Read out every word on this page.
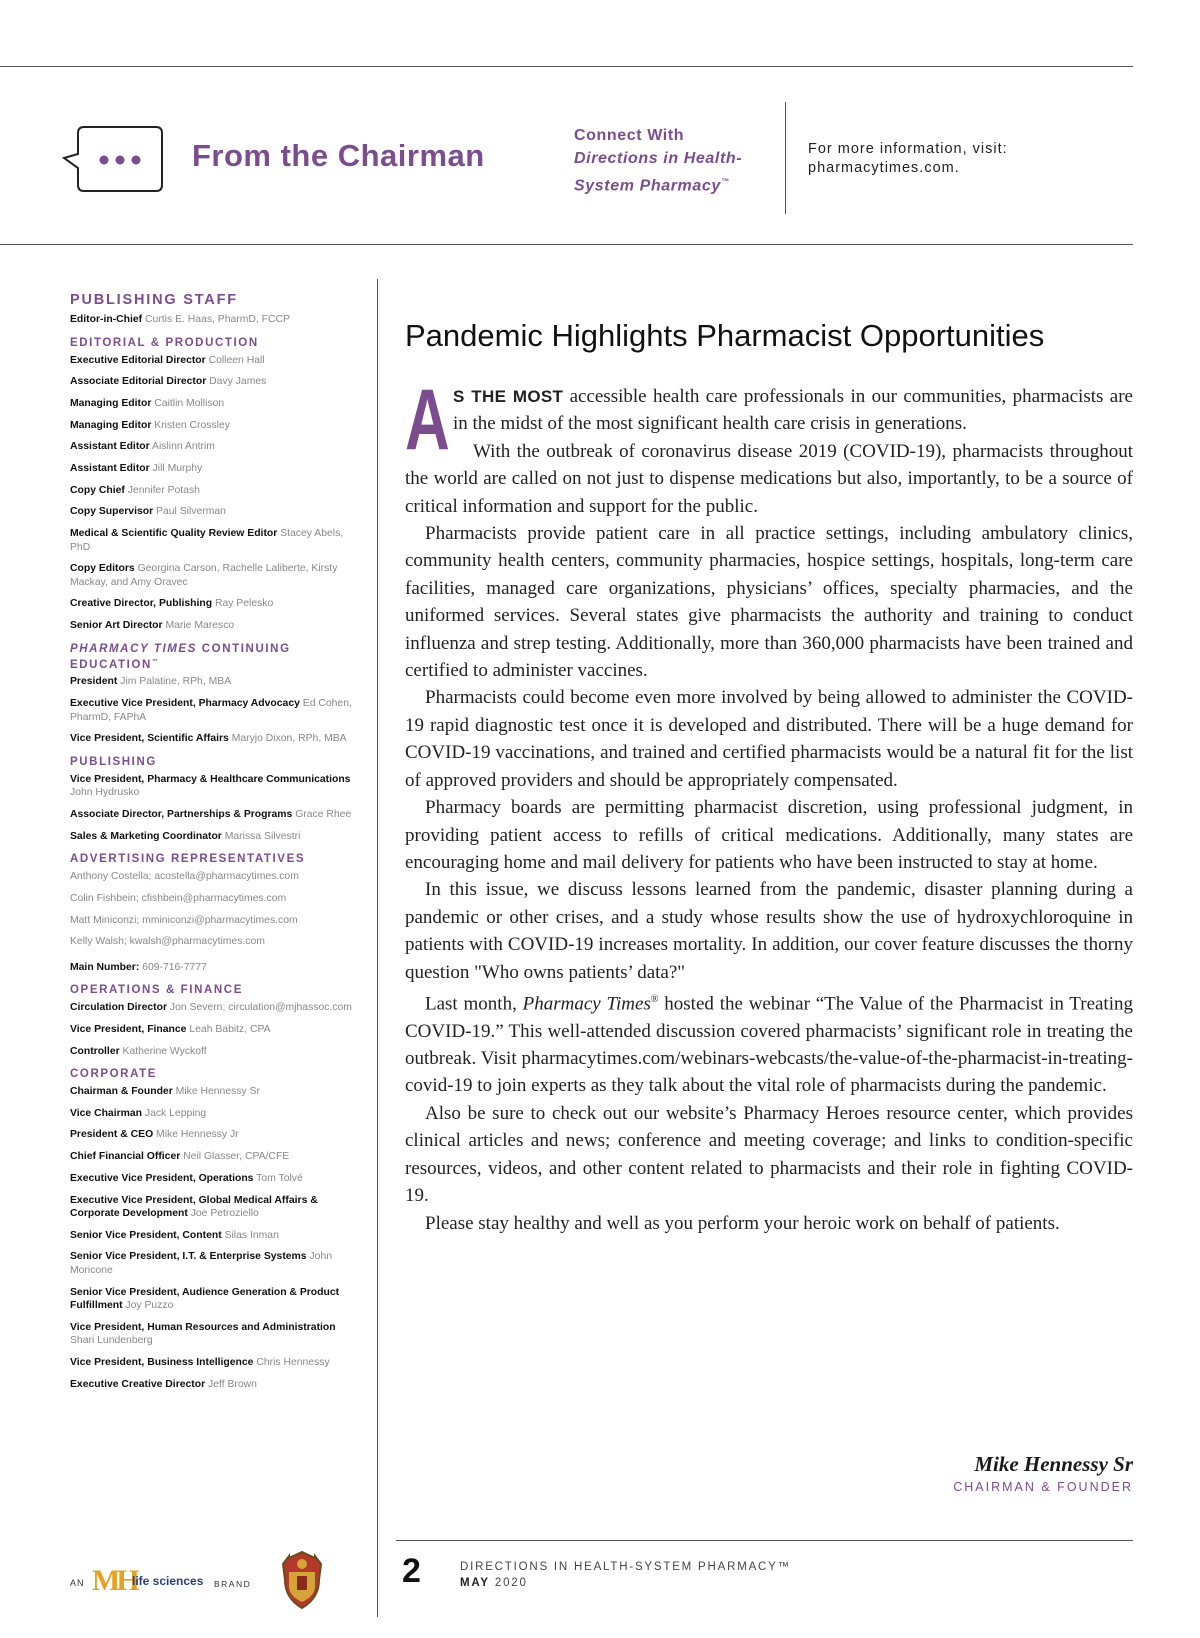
From the Chairman
Connect With
Directions in Health-
System Pharmacy™
For more information, visit:
pharmacytimes.com.
PUBLISHING STAFF
Editor-in-Chief Curtis E. Haas, PharmD, FCCP
EDITORIAL & PRODUCTION
Executive Editorial Director Colleen Hall
Associate Editorial Director Davy James
Managing Editor Caitlin Mollison
Managing Editor Kristen Crossley
Assistant Editor Aislinn Antrim
Assistant Editor Jill Murphy
Copy Chief Jennifer Potash
Copy Supervisor Paul Silverman
Medical & Scientific Quality Review Editor Stacey Abels, PhD
Copy Editors Georgina Carson, Rachelle Laliberte, Kirsty Mackay, and Amy Oravec
Creative Director, Publishing Ray Pelesko
Senior Art Director Marie Maresco
PHARMACY TIMES CONTINUING EDUCATION™
President Jim Palatine, RPh, MBA
Executive Vice President, Pharmacy Advocacy Ed Cohen, PharmD, FAPhA
Vice President, Scientific Affairs Maryjo Dixon, RPh, MBA
PUBLISHING
Vice President, Pharmacy & Healthcare Communications John Hydrusko
Associate Director, Partnerships & Programs Grace Rhee
Sales & Marketing Coordinator Marissa Silvestri
ADVERTISING REPRESENTATIVES
Anthony Costella; acostella@pharmacytimes.com
Colin Fishbein; cfishbein@pharmacytimes.com
Matt Miniconzi; mminiconzi@pharmacytimes.com
Kelly Walsh; kwalsh@pharmacytimes.com
Main Number: 609-716-7777
OPERATIONS & FINANCE
Circulation Director Jon Severn; circulation@mjhassoc.com
Vice President, Finance Leah Babitz, CPA
Controller Katherine Wyckoff
CORPORATE
Chairman & Founder Mike Hennessy Sr
Vice Chairman Jack Lepping
President & CEO Mike Hennessy Jr
Chief Financial Officer Neil Glasser, CPA/CFE
Executive Vice President, Operations Tom Tolvé
Executive Vice President, Global Medical Affairs & Corporate Development Joe Petroziello
Senior Vice President, Content Silas Inman
Senior Vice President, I.T. & Enterprise Systems John Moricone
Senior Vice President, Audience Generation & Product Fulfillment Joy Puzzo
Vice President, Human Resources and Administration Shari Lundenberg
Vice President, Business Intelligence Chris Hennessy
Executive Creative Director Jeff Brown
AN MH
life sciences BRAND
Pandemic Highlights Pharmacist Opportunities

A S THE MOST accessible health care professionals in our communities, pharmacists are in the midst of the most significant health care crisis in generations.

With the outbreak of coronavirus disease 2019 (COVID-19), pharmacists throughout the world are called on not just to dispense medications but also, importantly, to be a source of critical information and support for the public.

Pharmacists provide patient care in all practice settings, including ambulatory clinics, community health centers, community pharmacies, hospice settings, hospitals, long-term care facilities, managed care organizations, physicians’ offices, specialty pharmacies, and the uniformed services. Several states give pharmacists the authority and training to conduct influenza and strep testing. Additionally, more than 360,000 pharmacists have been trained and certified to administer vaccines.

Pharmacists could become even more involved by being allowed to administer the COVID-19 rapid diagnostic test once it is developed and distributed. There will be a huge demand for COVID-19 vaccinations, and trained and certified pharmacists would be a natural fit for the list of approved providers and should be appropriately compensated.

Pharmacy boards are permitting pharmacist discretion, using professional judgment, in providing patient access to refills of critical medications. Additionally, many states are encouraging home and mail delivery for patients who have been instructed to stay at home.

In this issue, we discuss lessons learned from the pandemic, disaster planning during a pandemic or other crises, and a study whose results show the use of hydroxychloroquine in patients with COVID-19 increases mortality. In addition, our cover feature discusses the thorny question "Who owns patients’ data?"

Last month, Pharmacy Times® hosted the webinar “The Value of the Pharmacist in Treating COVID-19.” This well-attended discussion covered pharmacists’ significant role in treating the outbreak. Visit pharmacytimes.com/webinars-webcasts/the-value-of-the-pharmacist-in-treating-covid-19 to join experts as they talk about the vital role of pharmacists during the pandemic.

Also be sure to check out our website’s Pharmacy Heroes resource center, which provides clinical articles and news; conference and meeting coverage; and links to condition-specific resources, videos, and other content related to pharmacists and their role in fighting COVID-19.

Please stay healthy and well as you perform your heroic work on behalf of patients.

Mike Hennessy Sr
CHAIRMAN & FOUNDER
2	DIRECTIONS IN HEALTH-SYSTEM PHARMACY™
MAY 2020
